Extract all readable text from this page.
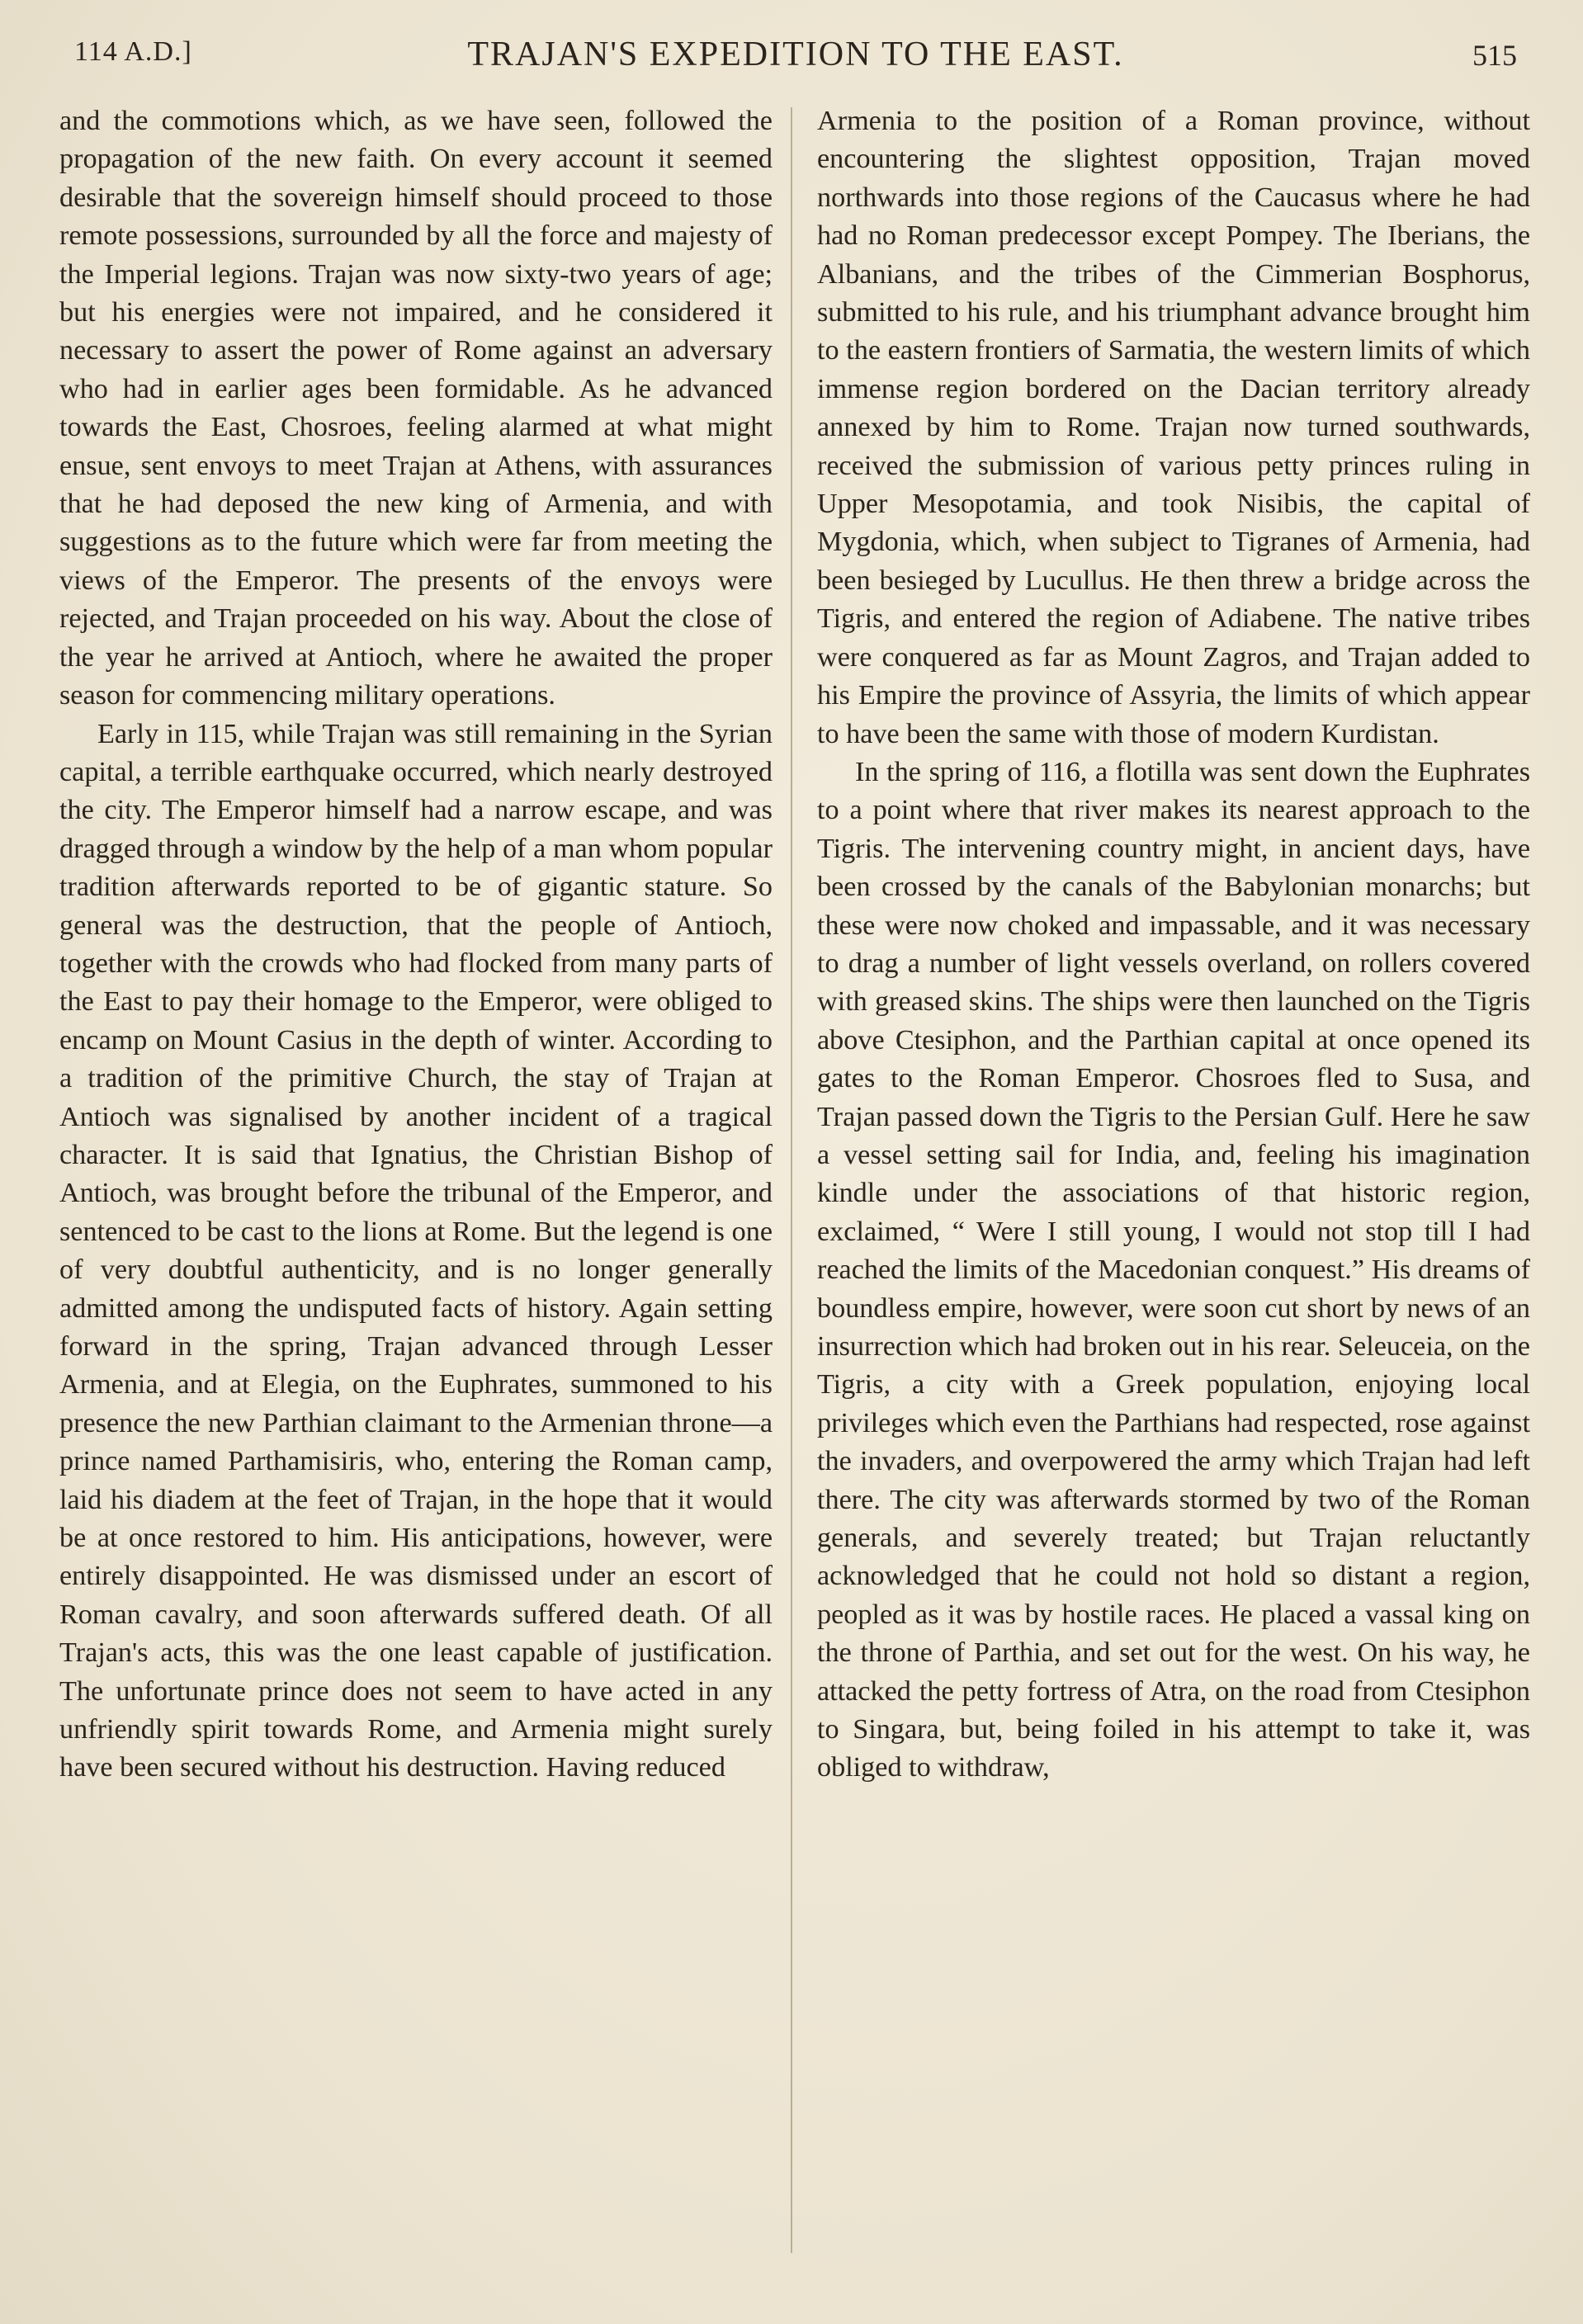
114 A.D.]	TRAJAN'S EXPEDITION TO THE EAST.	515

and the commotions which, as we have seen, followed the propagation of the new faith. On every account it seemed desirable that the sovereign himself should proceed to those remote possessions, surrounded by all the force and majesty of the Imperial legions. Trajan was now sixty-two years of age; but his energies were not impaired, and he considered it necessary to assert the power of Rome against an adversary who had in earlier ages been formidable. As he advanced towards the East, Chosroes, feeling alarmed at what might ensue, sent envoys to meet Trajan at Athens, with assurances that he had deposed the new king of Armenia, and with suggestions as to the future which were far from meeting the views of the Emperor. The presents of the envoys were rejected, and Trajan proceeded on his way. About the close of the year he arrived at Antioch, where he awaited the proper season for commencing military operations.

Early in 115, while Trajan was still remaining in the Syrian capital, a terrible earthquake occurred, which nearly destroyed the city. The Emperor himself had a narrow escape, and was dragged through a window by the help of a man whom popular tradition afterwards reported to be of gigantic stature. So general was the destruction, that the people of Antioch, together with the crowds who had flocked from many parts of the East to pay their homage to the Emperor, were obliged to encamp on Mount Casius in the depth of winter. According to a tradition of the primitive Church, the stay of Trajan at Antioch was signalised by another incident of a tragical character. It is said that Ignatius, the Christian Bishop of Antioch, was brought before the tribunal of the Emperor, and sentenced to be cast to the lions at Rome. But the legend is one of very doubtful authenticity, and is no longer generally admitted among the undisputed facts of history. Again setting forward in the spring, Trajan advanced through Lesser Armenia, and at Elegia, on the Euphrates, summoned to his presence the new Parthian claimant to the Armenian throne—a prince named Parthamisiris, who, entering the Roman camp, laid his diadem at the feet of Trajan, in the hope that it would be at once restored to him. His anticipations, however, were entirely disappointed. He was dismissed under an escort of Roman cavalry, and soon afterwards suffered death. Of all Trajan's acts, this was the one least capable of justification. The unfortunate prince does not seem to have acted in any unfriendly spirit towards Rome, and Armenia might surely have been secured without his destruction. Having reduced

Armenia to the position of a Roman province, without encountering the slightest opposition, Trajan moved northwards into those regions of the Caucasus where he had had no Roman predecessor except Pompey. The Iberians, the Albanians, and the tribes of the Cimmerian Bosphorus, submitted to his rule, and his triumphant advance brought him to the eastern frontiers of Sarmatia, the western limits of which immense region bordered on the Dacian territory already annexed by him to Rome. Trajan now turned southwards, received the submission of various petty princes ruling in Upper Mesopotamia, and took Nisibis, the capital of Mygdonia, which, when subject to Tigranes of Armenia, had been besieged by Lucullus. He then threw a bridge across the Tigris, and entered the region of Adiabene. The native tribes were conquered as far as Mount Zagros, and Trajan added to his Empire the province of Assyria, the limits of which appear to have been the same with those of modern Kurdistan.

In the spring of 116, a flotilla was sent down the Euphrates to a point where that river makes its nearest approach to the Tigris. The intervening country might, in ancient days, have been crossed by the canals of the Babylonian monarchs; but these were now choked and impassable, and it was necessary to drag a number of light vessels overland, on rollers covered with greased skins. The ships were then launched on the Tigris above Ctesiphon, and the Parthian capital at once opened its gates to the Roman Emperor. Chosroes fled to Susa, and Trajan passed down the Tigris to the Persian Gulf. Here he saw a vessel setting sail for India, and, feeling his imagination kindle under the associations of that historic region, exclaimed, “ Were I still young, I would not stop till I had reached the limits of the Macedonian conquest.” His dreams of boundless empire, however, were soon cut short by news of an insurrection which had broken out in his rear. Seleuceia, on the Tigris, a city with a Greek population, enjoying local privileges which even the Parthians had respected, rose against the invaders, and overpowered the army which Trajan had left there. The city was afterwards stormed by two of the Roman generals, and severely treated; but Trajan reluctantly acknowledged that he could not hold so distant a region, peopled as it was by hostile races. He placed a vassal king on the throne of Parthia, and set out for the west. On his way, he attacked the petty fortress of Atra, on the road from Ctesiphon to Singara, but, being foiled in his attempt to take it, was obliged to withdraw,
